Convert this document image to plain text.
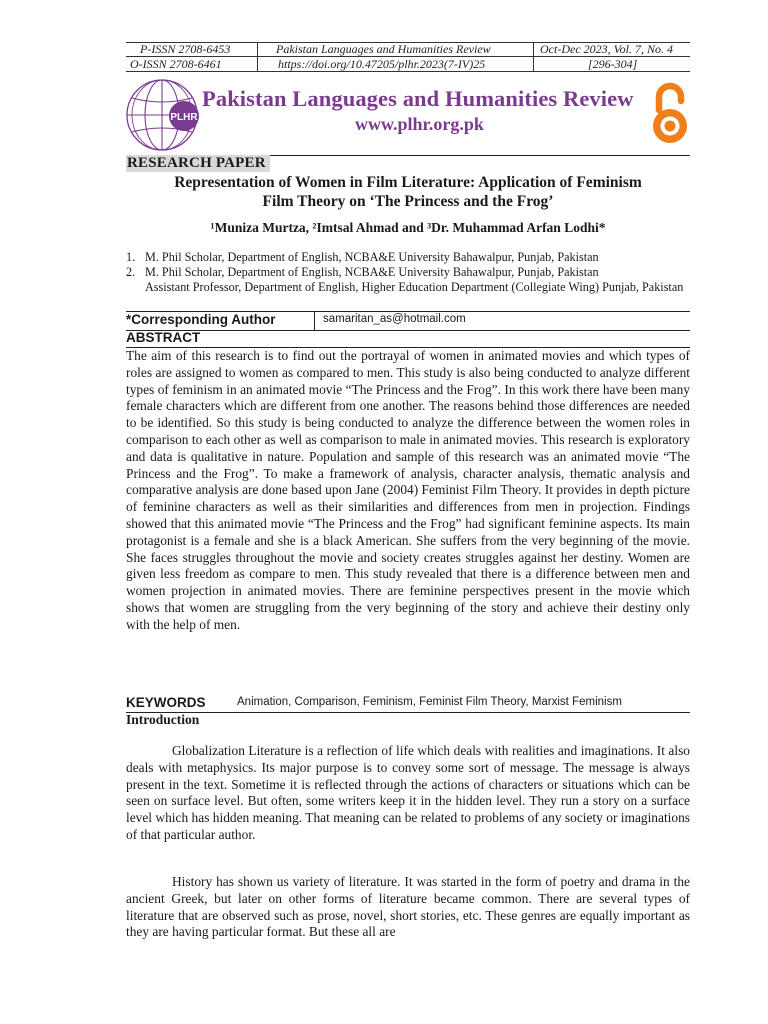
P-ISSN 2708-6453
O-ISSN 2708-6461
Pakistan Languages and Humanities Review
https://doi.org/10.47205/plhr.2023(7-IV)25
Oct-Dec 2023, Vol. 7, No. 4
[296-304]
PLHR
Pakistan Languages and Humanities Review
www.plhr.org.pk
RESEARCH PAPER
Representation of Women in Film Literature: Application of Feminism
Film Theory on ‘The Princess and the Frog’
¹Muniza Murtza, ²Imtsal Ahmad and ³Dr. Muhammad Arfan Lodhi*
1. M. Phil Scholar, Department of English, NCBA&E University Bahawalpur, Punjab, Pakistan
2. M. Phil Scholar, Department of English, NCBA&E University Bahawalpur, Punjab, Pakistan
Assistant Professor, Department of English, Higher Education Department (Collegiate Wing) Punjab, Pakistan
*Corresponding Author	samaritan_as@hotmail.com
ABSTRACT
The aim of this research is to find out the portrayal of women in animated movies and which types of roles are assigned to women as compared to men. This study is also being conducted to analyze different types of feminism in an animated movie “The Princess and the Frog”. In this work there have been many female characters which are different from one another. The reasons behind those differences are needed to be identified. So this study is being conducted to analyze the difference between the women roles in comparison to each other as well as comparison to male in animated movies. This research is exploratory and data is qualitative in nature. Population and sample of this research was an animated movie “The Princess and the Frog”. To make a framework of analysis, character analysis, thematic analysis and comparative analysis are done based upon Jane (2004) Feminist Film Theory. It provides in depth picture of feminine characters as well as their similarities and differences from men in projection. Findings showed that this animated movie “The Princess and the Frog” had significant feminine aspects. Its main protagonist is a female and she is a black American. She suffers from the very beginning of the movie. She faces struggles throughout the movie and society creates struggles against her destiny. Women are given less freedom as compare to men. This study revealed that there is a difference between men and women projection in animated movies. There are feminine perspectives present in the movie which shows that women are struggling from the very beginning of the story and achieve their destiny only with the help of men.
KEYWORDS	Animation, Comparison, Feminism, Feminist Film Theory, Marxist Feminism
Introduction
Globalization Literature is a reflection of life which deals with realities and imaginations. It also deals with metaphysics. Its major purpose is to convey some sort of message. The message is always present in the text. Sometime it is reflected through the actions of characters or situations which can be seen on surface level. But often, some writers keep it in the hidden level. They run a story on a surface level which has hidden meaning. That meaning can be related to problems of any society or imaginations of that particular author.
History has shown us variety of literature. It was started in the form of poetry and drama in the ancient Greek, but later on other forms of literature became common. There are several types of literature that are observed such as prose, novel, short stories, etc. These genres are equally important as they are having particular format. But these all are
